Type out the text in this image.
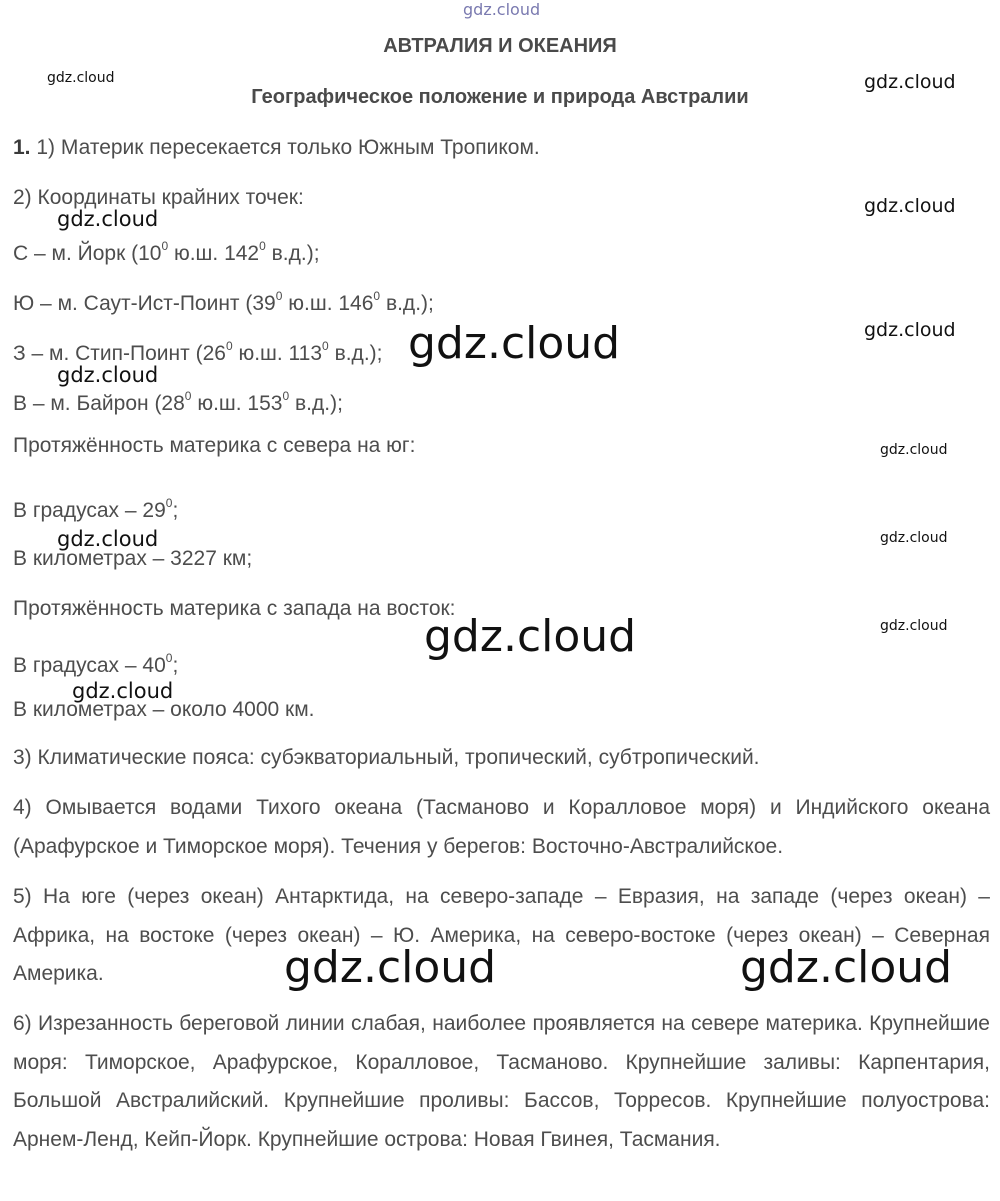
gdz.cloud
gdz.cloud	gdz.cloud
gdz.cloud
gdz.cloud
gdz.cloud
gdz.cloud
gdz.cloud
gdz.cloud
gdz.cloud	gdz.cloud
gdz.cloud	gdz.cloud
gdz.cloud
gdz.cloud	gdz.cloud
АВТРАЛИЯ И ОКЕАНИЯ
Географическое положение и природа Австралии
1. 1) Материк пересекается только Южным Тропиком.
2) Координаты крайних точек:
С – м. Йорк ($10^0$ ю.ш. $142^0$ в.д.);
Ю – м. Саут-Ист-Поинт ($39^0$ ю.ш. $146^0$ в.д.);
З – м. Стип-Поинт ($26^0$ ю.ш. $113^0$ в.д.);
В – м. Байрон ($28^0$ ю.ш. $153^0$ в.д.);
Протяжённость материка с севера на юг:
В градусах – $29^0$;
В километрах – 3227 км;
Протяжённость материка с запада на восток:
В градусах – $40^0$;
В километрах – около 4000 км.
3) Климатические пояса: субэкваториальный, тропический, субтропический.
4) Омывается водами Тихого океана (Тасманово и Коралловое моря) и Индийского океана (Арафурское и Тиморское моря). Течения у берегов: Восточно-Австралийское.
5) На юге (через океан) Антарктида, на северо-западе – Евразия, на западе (через океан) – Африка, на востоке (через океан) – Ю. Америка, на северо-востоке (через океан) – Северная Америка.
6) Изрезанность береговой линии слабая, наиболее проявляется на севере материка. Крупнейшие моря: Тиморское, Арафурское, Коралловое, Тасманово. Крупнейшие заливы: Карпентария, Большой Австралийский. Крупнейшие проливы: Бассов, Торресов. Крупнейшие полуострова: Арнем-Ленд, Кейп-Йорк. Крупнейшие острова: Новая Гвинея, Тасмания.
